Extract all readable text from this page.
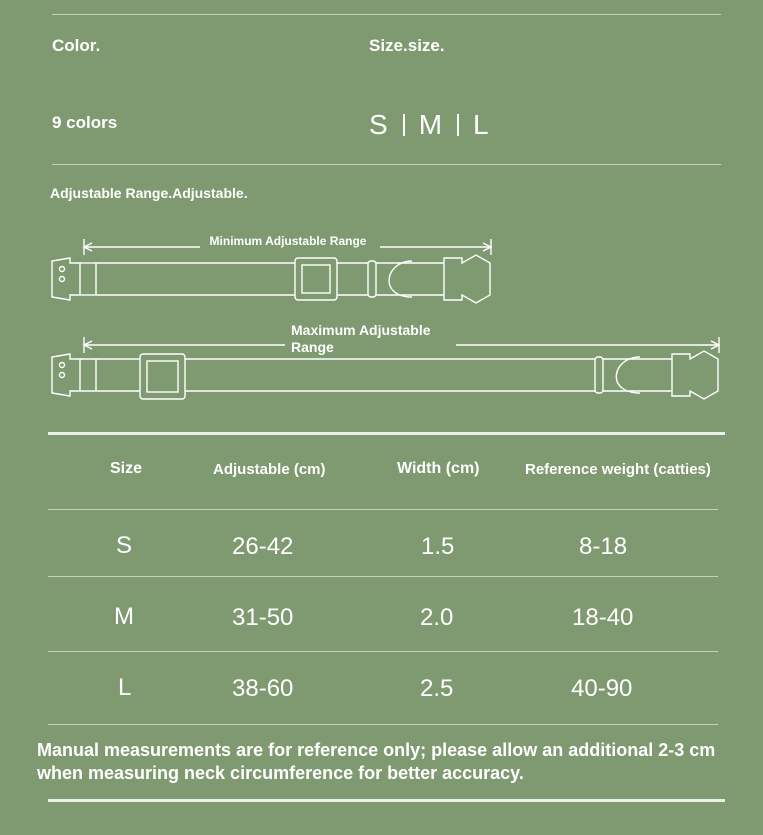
Color.	Size.size.
9 colors	S M L
Adjustable Range.Adjustable.
Minimum Adjustable Range
Maximum Adjustable
Range
Size	Adjustable (cm)	Width (cm)	Reference weight (catties)
S	26-42	1.5	8-18
M	31-50	2.0	18-40
L	38-60	2.5	40-90
Manual measurements are for reference only; please allow an additional 2-3 cm
when measuring neck circumference for better accuracy.
